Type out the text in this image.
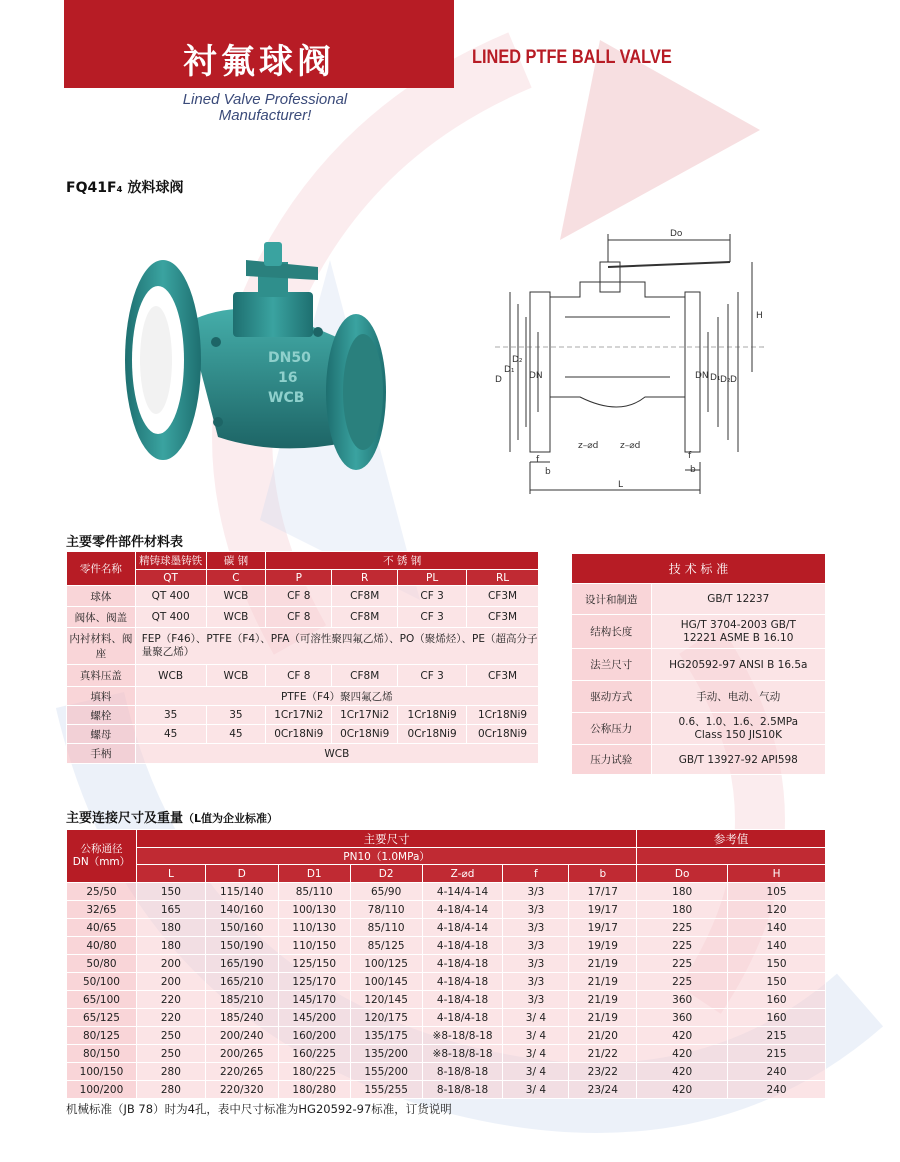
衬氟球阀	LINED PTFE BALL VALVE
Lined Valve Professional
Manufacturer!
FQ41F₄ 放料球阀
DN50
16
WCB
Do
H
D
D₁
D₂
DN	DN D₁ D₂ D
z–⌀d z–⌀d
f
b
f
b
L
主要零件部件材料表
零件名称	精铸球墨铸铁	碳 钢	不 锈 钢			
	QT	C	P	R	PL	RL
球体	QT 400	WCB	CF 8	CF8M	CF 3	CF3M
阀体、阀盖	QT 400	WCB	CF 8	CF8M	CF 3	CF3M
内衬材料、阀座	FEP（F46）、PTFE（F4）、PFA（可溶性聚四氟乙烯）、PO（聚烯烃）、PE（超高分子量聚乙烯）					
真料压盖	WCB	WCB	CF 8	CF8M	CF 3	CF3M
填料	PTFE（F4）聚四氟乙烯					
螺栓	35	35	1Cr17Ni2	1Cr17Ni2	1Cr18Ni9	1Cr18Ni9
螺母	45	45	0Cr18Ni9	0Cr18Ni9	0Cr18Ni9	0Cr18Ni9
手柄	WCB					
技 术 标 准	
设计和制造	GB/T 12237
结构长度	HG/T 3704-2003 GB/T 12221 ASME B 16.10
法兰尺寸	HG20592-97 ANSI B 16.5a
驱动方式	手动、电动、气动
公称压力	0.6、1.0、1.6、2.5MPa Class 150 JIS10K
压力试验	GB/T 13927-92 API598
主要连接尺寸及重量（L值为企业标准）
公称通径 DN（mm）	主要尺寸							参考值	
	PN10（1.0MPa）								
	L	D	D1	D2	Z-⌀d	f	b	Do	H
25/50	150	115/140	85/110	65/90	4-14/4-14	3/3	17/17	180	105
32/65	165	140/160	100/130	78/110	4-18/4-14	3/3	19/17	180	120
40/65	180	150/160	110/130	85/110	4-18/4-14	3/3	19/17	225	140
40/80	180	150/190	110/150	85/125	4-18/4-18	3/3	19/19	225	140
50/80	200	165/190	125/150	100/125	4-18/4-18	3/3	21/19	225	150
50/100	200	165/210	125/170	100/145	4-18/4-18	3/3	21/19	225	150
65/100	220	185/210	145/170	120/145	4-18/4-18	3/3	21/19	360	160
65/125	220	185/240	145/200	120/175	4-18/4-18	3/ 4	21/19	360	160
80/125	250	200/240	160/200	135/175	※8-18/8-18	3/ 4	21/20	420	215
80/150	250	200/265	160/225	135/200	※8-18/8-18	3/ 4	21/22	420	215
100/150	280	220/265	180/225	155/200	8-18/8-18	3/ 4	23/22	420	240
100/200	280	220/320	180/280	155/255	8-18/8-18	3/ 4	23/24	420	240
机械标准（JB 78）时为4孔，表中尺寸标准为HG20592-97标准，订货说明
